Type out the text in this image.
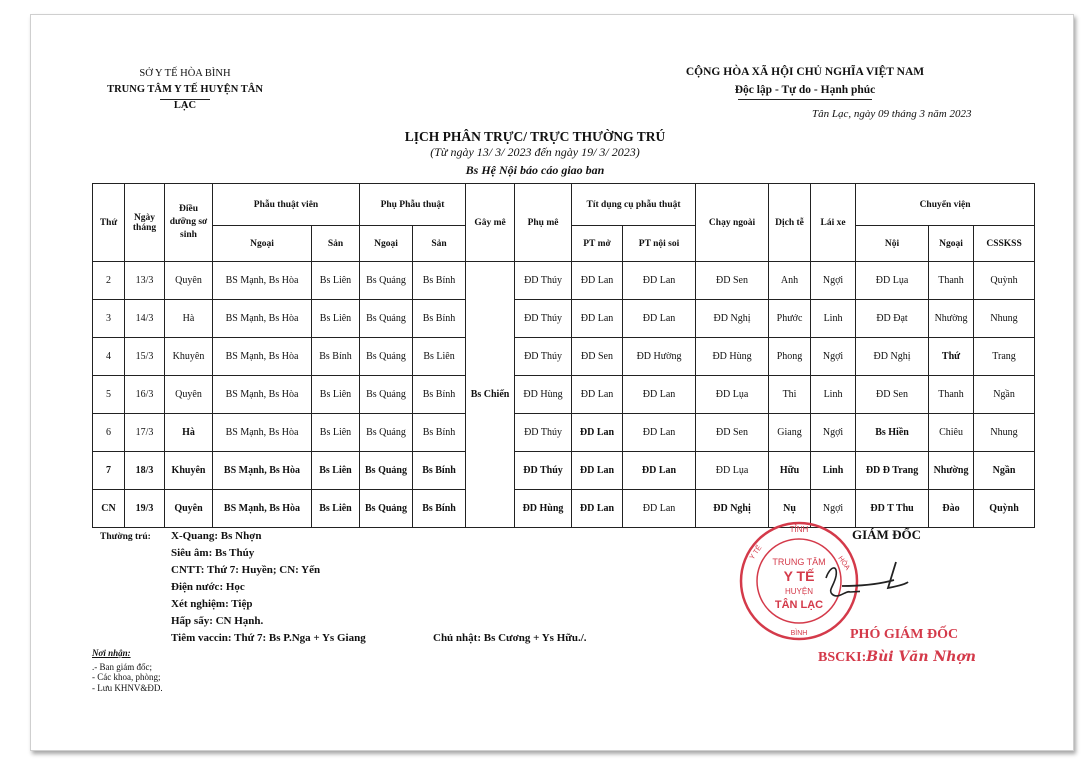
SỞ Y TẾ HÒA BÌNH
TRUNG TÂM Y TẾ HUYỆN TÂN LẠC
CỘNG HÒA XÃ HỘI CHỦ NGHĨA VIỆT NAM
Độc lập - Tự do - Hạnh phúc
Tân Lạc, ngày 09 tháng 3 năm 2023
LỊCH PHÂN TRỰC/ TRỰC THƯỜNG TRÚ
(Từ ngày 13/ 3/ 2023 đến ngày 19/ 3/ 2023)
Bs Hệ Nội báo cáo giao ban
Thứ	Ngày tháng	Điều dưỡng sơ sinh	Phẫu thuật viên		Phụ Phẫu thuật		Gây mê	Phụ mê	Tít dụng cụ phẫu thuật		Chạy ngoài	Dịch tễ	Lái xe	Chuyển viện		
			Ngoại	Sản	Ngoại	Sản			PT mở	PT nội soi				Nội	Ngoại	CSSKSS
2	13/3	Quyên	BS Mạnh, Bs Hòa	Bs Liên	Bs Quảng	Bs Bính	Bs Chiến	ĐD Thúy	ĐD Lan	ĐD Lan	ĐD Sen	Anh	Ngợi	ĐD Lụa	Thanh	Quỳnh
3	14/3	Hà	BS Mạnh, Bs Hòa	Bs Liên	Bs Quảng	Bs Bính		ĐD Thúy	ĐD Lan	ĐD Lan	ĐD Nghị	Phước	Linh	ĐD Đạt	Nhường	Nhung
4	15/3	Khuyên	BS Mạnh, Bs Hòa	Bs Bính	Bs Quảng	Bs Liên		ĐD Thúy	ĐD Sen	ĐD Hường	ĐD Hùng	Phong	Ngợi	ĐD Nghị	Thứ	Trang
5	16/3	Quyên	BS Mạnh, Bs Hòa	Bs Liên	Bs Quảng	Bs Bính		ĐD Hùng	ĐD Lan	ĐD Lan	ĐD Lụa	Thi	Linh	ĐD Sen	Thanh	Ngần
6	17/3	Hà	BS Mạnh, Bs Hòa	Bs Liên	Bs Quảng	Bs Bính		ĐD Thúy	ĐD Lan	ĐD Lan	ĐD Sen	Giang	Ngợi	Bs Hiền	Chiêu	Nhung
7	18/3	Khuyên	BS Mạnh, Bs Hòa	Bs Liên	Bs Quảng	Bs Bính		ĐD Thúy	ĐD Lan	ĐD Lan	ĐD Lụa	Hữu	Linh	ĐD Đ Trang	Nhường	Ngần
CN	19/3	Quyên	BS Mạnh, Bs Hòa	Bs Liên	Bs Quảng	Bs Bính		ĐD Hùng	ĐD Lan	ĐD Lan	ĐD Nghị	Nụ	Ngợi	ĐD T Thu	Đào	Quỳnh
Thường trú: X-Quang: Bs Nhợn
Siêu âm: Bs Thúy
CNTT: Thứ 7: Huyền; CN: Yến
Điện nước: Học
Xét nghiệm: Tiệp
Hấp sấy: CN Hạnh.
Tiêm vaccin: Thứ 7: Bs P.Nga + Ys Giang	Chủ nhật: Bs Cương + Ys Hữu./.
Nơi nhận:
.- Ban giám đốc;
- Các khoa, phòng;
- Lưu KHNV&ĐD.
GIÁM ĐỐC
TỈNH
Y TẾ
HÒA
TRUNG TÂM
Y TẾ
HUYỆN
TÂN LẠC
BÌNH	PHÓ GIÁM ĐỐC
BSCKI:Bùi Văn Nhợn
